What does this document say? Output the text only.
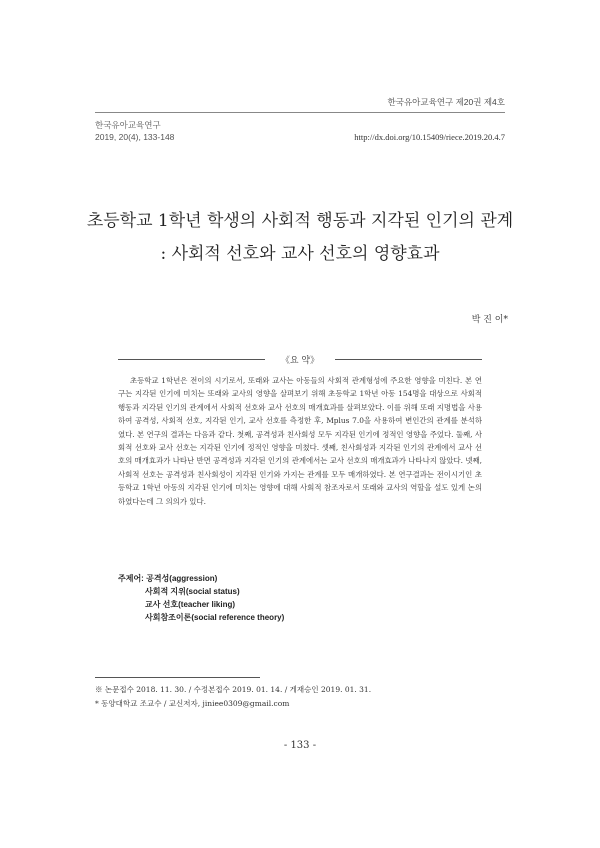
한국유아교육연구 제20권 제4호
한국유아교육연구
2019, 20(4), 133-148	http://dx.doi.org/10.15409/riece.2019.20.4.7
초등학교 1학년 학생의 사회적 행동과 지각된 인기의 관계
: 사회적 선호와 교사 선호의 영향효과
박 진 이*
《요 약》

초등학교 1학년은 전이의 시기로서, 또래와 교사는 아동들의 사회적 관계형성에 주요한 영향을 미친다. 본 연구는 지각된 인기에 미치는 또래와 교사의 영향을 살펴보기 위해 초등학교 1학년 아동 154명을 대상으로 사회적 행동과 지각된 인기의 관계에서 사회적 선호와 교사 선호의 매개효과를 살펴보았다. 이를 위해 또래 지명법을 사용하여 공격성, 사회적 선호, 지각된 인기, 교사 선호를 측정한 후, Mplus 7.0을 사용하여 변인간의 관계를 분석하였다. 본 연구의 결과는 다음과 같다. 첫째, 공격성과 친사회성 모두 지각된 인기에 정적인 영향을 주었다. 둘째, 사회적 선호와 교사 선호는 지각된 인기에 정적인 영향을 미쳤다. 셋째, 친사회성과 지각된 인기의 관계에서 교사 선호의 매개효과가 나타난 반면 공격성과 지각된 인기의 관계에서는 교사 선호의 매개효과가 나타나지 않았다. 넷째, 사회적 선호는 공격성과 친사회성이 지각된 인기와 가지는 관계를 모두 매개하였다. 본 연구결과는 전이시기인 초등학교 1학년 아동의 지각된 인기에 미치는 영향에 대해 사회적 참조자로서 또래와 교사의 역할을 설도 있게 논의하였다는데 그 의의가 있다.

주제어: 공격성(aggression)
사회적 지위(social status)
교사 선호(teacher liking)
사회참조이론(social reference theory)
※ 논문접수 2018. 11. 30. / 수정본접수 2019. 01. 14. / 게재승인 2019. 01. 31.
* 동양대학교 조교수 / 교신저자, jiniee0309@gmail.com
- 133 -
